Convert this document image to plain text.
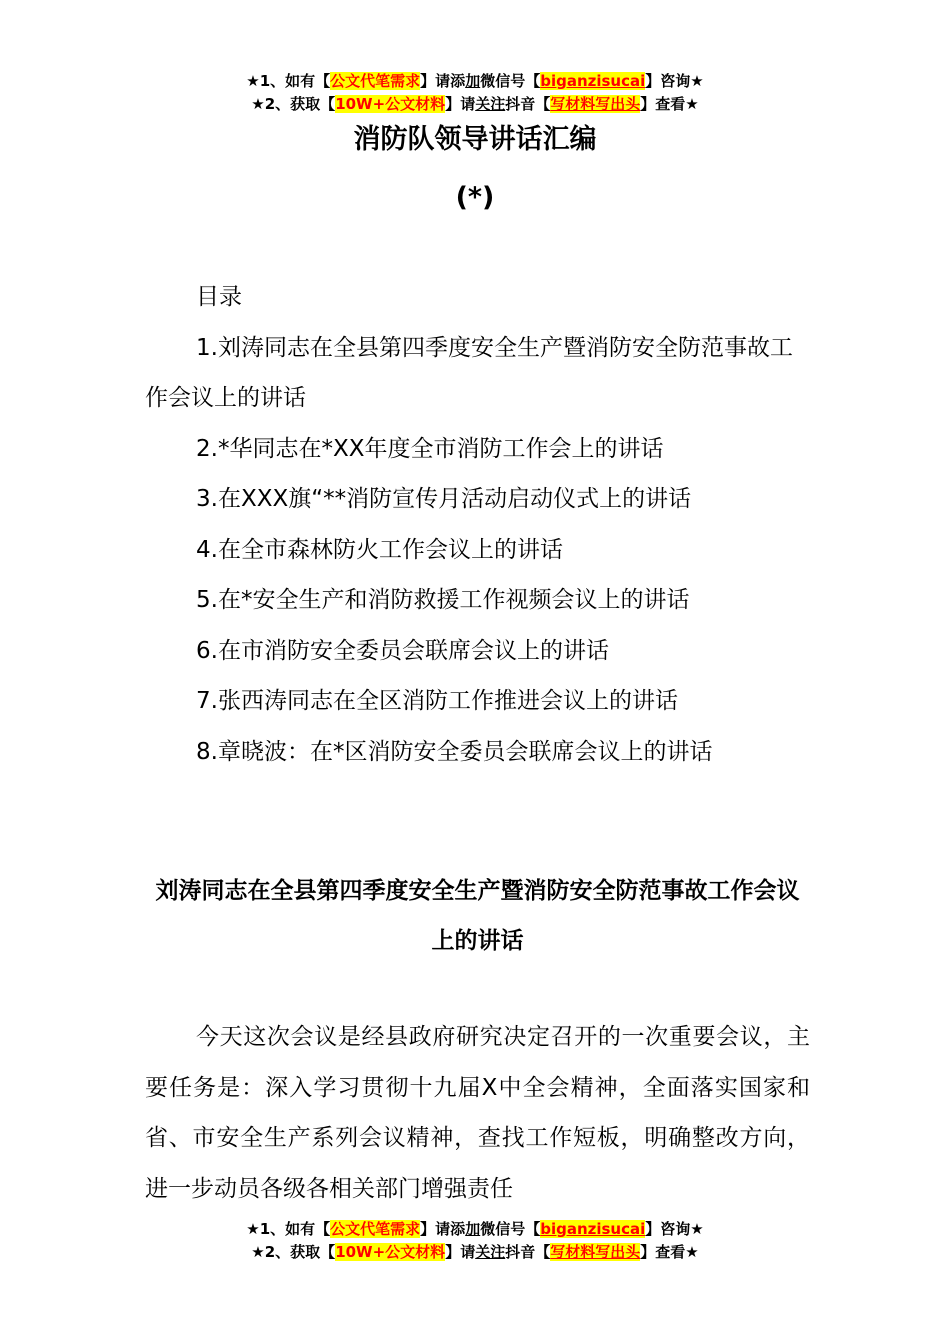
★1、如有【公文代笔需求】请添加微信号【biganzisucai】咨询★
★2、获取【10W+公文材料】请关注抖音【写材料写出头】查看★
消防队领导讲话汇编
(*)
目录
1.刘涛同志在全县第四季度安全生产暨消防安全防范事故工作会议上的讲话
2.*华同志在*XX年度全市消防工作会上的讲话
3.在XXX旗“**消防宣传月活动启动仪式上的讲话
4.在全市森林防火工作会议上的讲话
5.在*安全生产和消防救援工作视频会议上的讲话
6.在市消防安全委员会联席会议上的讲话
7.张西涛同志在全区消防工作推进会议上的讲话
8.章晓波：在*区消防安全委员会联席会议上的讲话
刘涛同志在全县第四季度安全生产暨消防安全防范事故工作会议上的讲话

今天这次会议是经县政府研究决定召开的一次重要会议，主要任务是：深入学习贯彻十九届X中全会精神，全面落实国家和省、市安全生产系列会议精神，查找工作短板，明确整改方向，进一步动员各级各相关部门增强责任

★1、如有【公文代笔需求】请添加微信号【biganzisucai】咨询★
★2、获取【10W+公文材料】请关注抖音【写材料写出头】查看★
